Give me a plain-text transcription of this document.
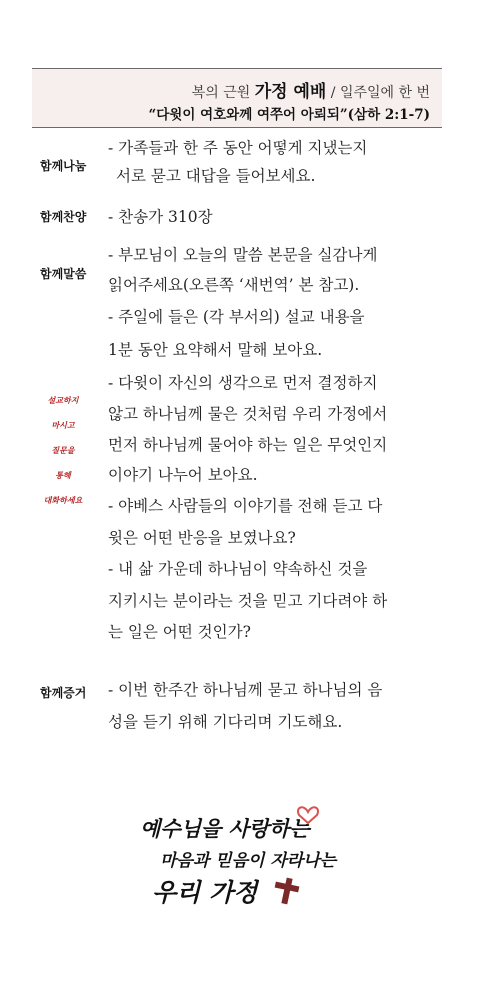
복의 근원 가정 예배 / 일주일에 한 번
“다윗이 여호와께 여쭈어 아뢰되”(삼하 2:1-7)
함께나눔
- 가족들과 한 주 동안 어떻게 지냈는지
서로 묻고 대답을 들어보세요.
함께찬양 - 찬송가 310장
함께말씀
- 부모님이 오늘의 말씀 본문을 실감나게
읽어주세요(오른쪽 ‘새번역’ 본 참고).
- 주일에 들은 (각 부서의) 설교 내용을
1분 동안 요약해서 말해 보아요.
- 다윗이 자신의 생각으로 먼저 결정하지
않고 하나님께 물은 것처럼 우리 가정에서
먼저 하나님께 물어야 하는 일은 무엇인지
이야기 나누어 보아요.
- 야베스 사람들의 이야기를 전해 듣고 다
윗은 어떤 반응을 보였나요?
- 내 삶 가운데 하나님이 약속하신 것을
지키시는 분이라는 것을 믿고 기다려야 하
는 일은 어떤 것인가?
설교하지
마시고
질문을
통해
대화하세요
함께증거 - 이번 한주간 하나님께 묻고 하나님의 음
성을 듣기 위해 기다리며 기도해요.
예수님을 사랑하는
마음과 믿음이 자라나는
우리 가정
